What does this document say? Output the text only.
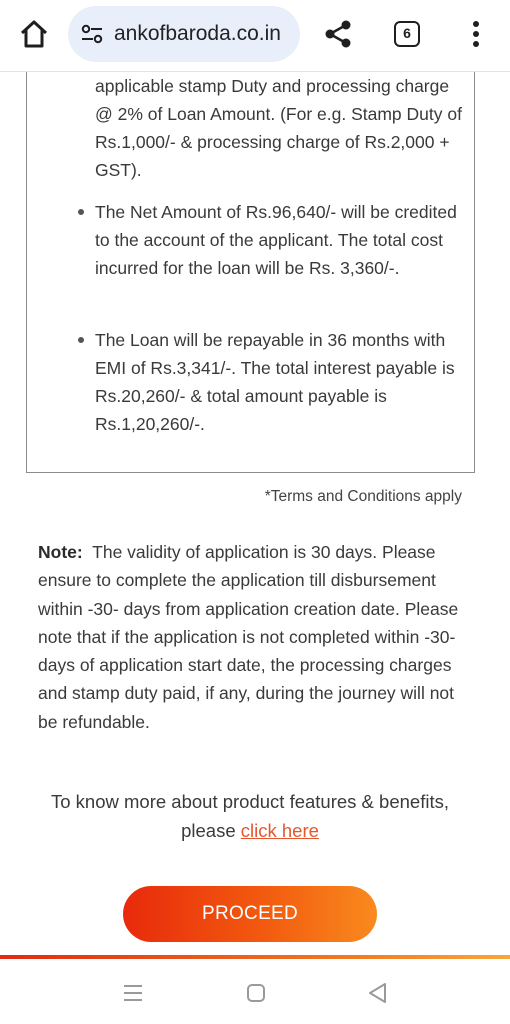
ankofbaroda.co.in	6
applicable stamp Duty and processing charge @ 2% of Loan Amount. (For e.g. Stamp Duty of Rs.1,000/- & processing charge of Rs.2,000 + GST).
The Net Amount of Rs.96,640/- will be credited to the account of the applicant. The total cost incurred for the loan will be Rs. 3,360/-.
The Loan will be repayable in 36 months with EMI of Rs.3,341/-. The total interest payable is Rs.20,260/- & total amount payable is Rs.1,20,260/-.
*Terms and Conditions apply
Note: The validity of application is 30 days. Please ensure to complete the application till disbursement within -30- days from application creation date. Please note that if the application is not completed within -30- days of application start date, the processing charges and stamp duty paid, if any, during the journey will not be refundable.
To know more about product features & benefits, please click here
PROCEED
